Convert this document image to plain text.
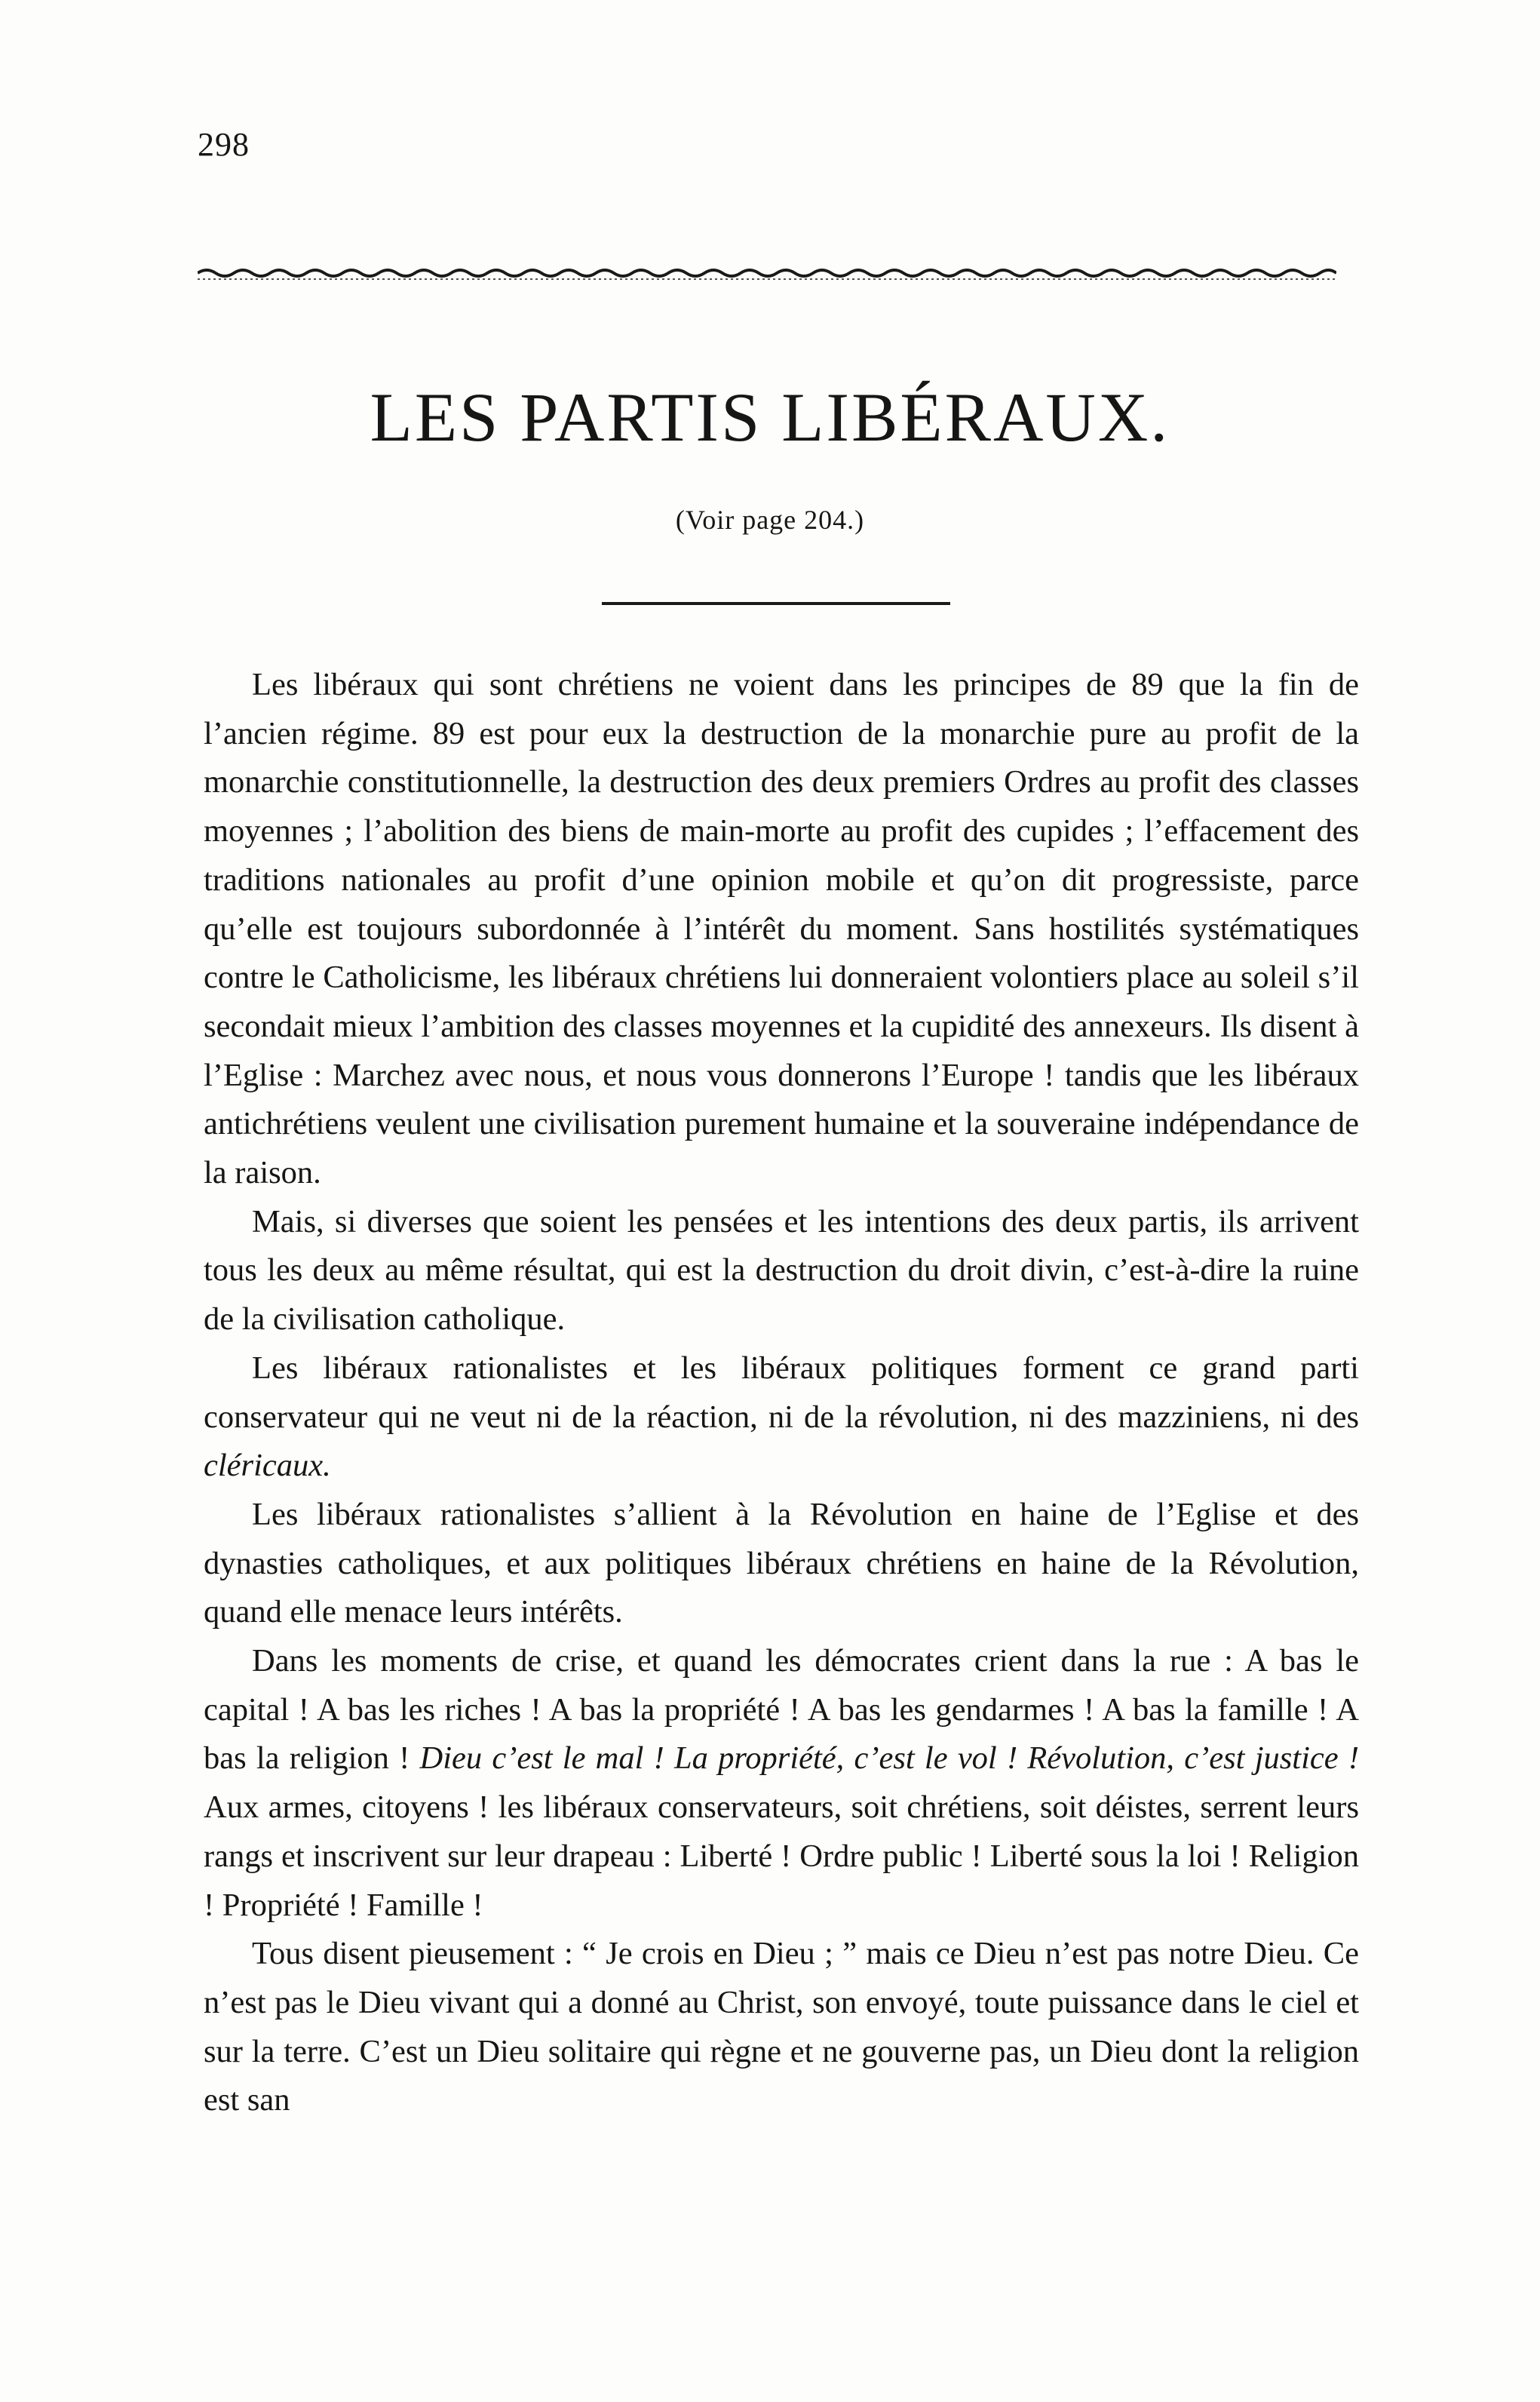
298
LES PARTIS LIBÉRAUX.
(Voir page 204.)

Les libéraux qui sont chrétiens ne voient dans les principes de 89 que la fin de l’ancien régime. 89 est pour eux la destruction de la monarchie pure au profit de la monarchie constitutionnelle, la destruction des deux premiers Ordres au profit des classes moyennes ; l’abolition des biens de main-morte au profit des cupides ; l’effacement des traditions nationales au profit d’une opinion mobile et qu’on dit progressiste, parce qu’elle est toujours subordonnée à l’intérêt du moment. Sans hostilités systématiques contre le Catholicisme, les libéraux chrétiens lui donneraient volontiers place au soleil s’il secondait mieux l’ambition des classes moyennes et la cupidité des annexeurs. Ils disent à l’Eglise : Marchez avec nous, et nous vous donnerons l’Europe ! tandis que les libéraux antichrétiens veulent une civilisation purement humaine et la souveraine indépendance de la raison.

Mais, si diverses que soient les pensées et les intentions des deux partis, ils arrivent tous les deux au même résultat, qui est la destruction du droit divin, c’est-à-dire la ruine de la civilisation catholique.

Les libéraux rationalistes et les libéraux politiques forment ce grand parti conservateur qui ne veut ni de la réaction, ni de la révolution, ni des mazziniens, ni des cléricaux.

Les libéraux rationalistes s’allient à la Révolution en haine de l’Eglise et des dynasties catholiques, et aux politiques libéraux chrétiens en haine de la Révolution, quand elle menace leurs intérêts.

Dans les moments de crise, et quand les démocrates crient dans la rue : A bas le capital ! A bas les riches ! A bas la propriété ! A bas les gendarmes ! A bas la famille ! A bas la religion ! Dieu c’est le mal ! La propriété, c’est le vol ! Révolution, c’est justice ! Aux armes, citoyens ! les libéraux conservateurs, soit chrétiens, soit déistes, serrent leurs rangs et inscrivent sur leur drapeau : Liberté ! Ordre public ! Liberté sous la loi ! Religion ! Propriété ! Famille !

Tous disent pieusement : “ Je crois en Dieu ; ” mais ce Dieu n’est pas notre Dieu. Ce n’est pas le Dieu vivant qui a donné au Christ, son envoyé, toute puissance dans le ciel et sur la terre. C’est un Dieu solitaire qui règne et ne gouverne pas, un Dieu dont la religion est san
